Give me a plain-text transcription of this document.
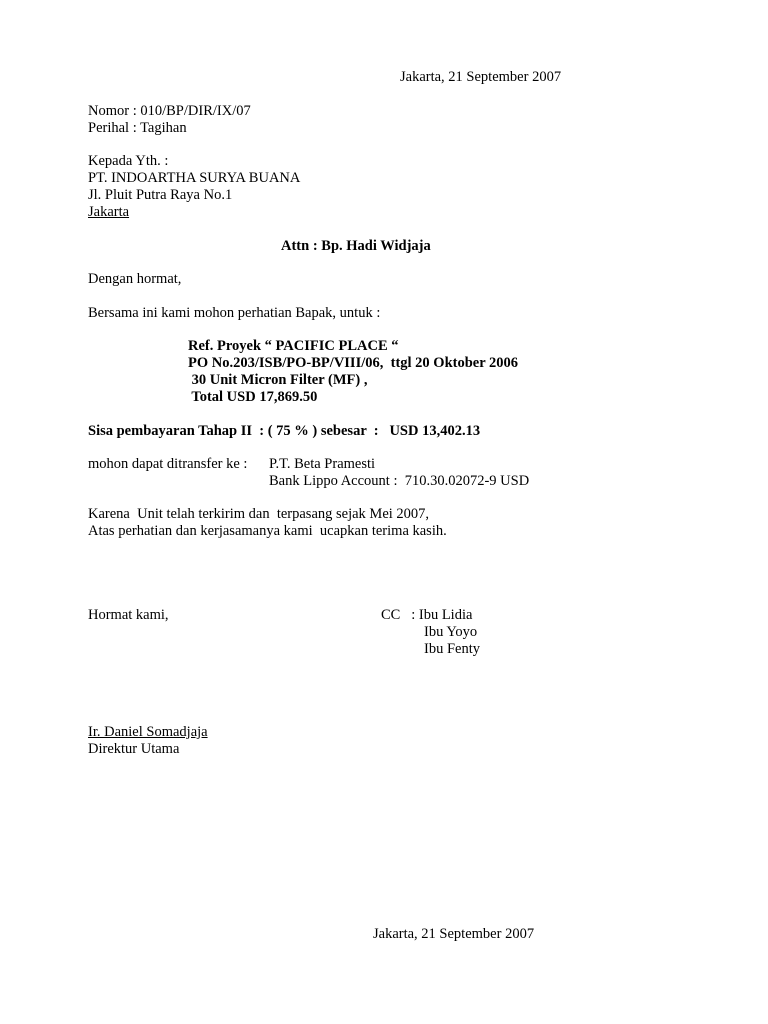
Jakarta, 21 September 2007
Nomor : 010/BP/DIR/IX/07
Perihal : Tagihan
Kepada Yth. :
PT. INDOARTHA SURYA BUANA
Jl. Pluit Putra Raya No.1
Jakarta
Attn : Bp. Hadi Widjaja
Dengan hormat,
Bersama ini kami mohon perhatian Bapak, untuk :
Ref. Proyek “ PACIFIC PLACE “
PO No.203/ISB/PO-BP/VIII/06,  ttgl 20 Oktober 2006
30 Unit Micron Filter (MF) ,
Total USD 17,869.50
Sisa pembayaran Tahap II  : ( 75 % ) sebesar  :   USD 13,402.13
mohon dapat ditransfer ke : P.T. Beta Pramesti
Bank Lippo Account :  710.30.02072-9 USD
Karena  Unit telah terkirim dan  terpasang sejak Mei 2007,
Atas perhatian dan kerjasamanya kami  ucapkan terima kasih.
Hormat kami,	CC   : Ibu Lidia
Ibu Yoyo
Ibu Fenty
Ir. Daniel Somadjaja
Direktur Utama
Jakarta, 21 September 2007
